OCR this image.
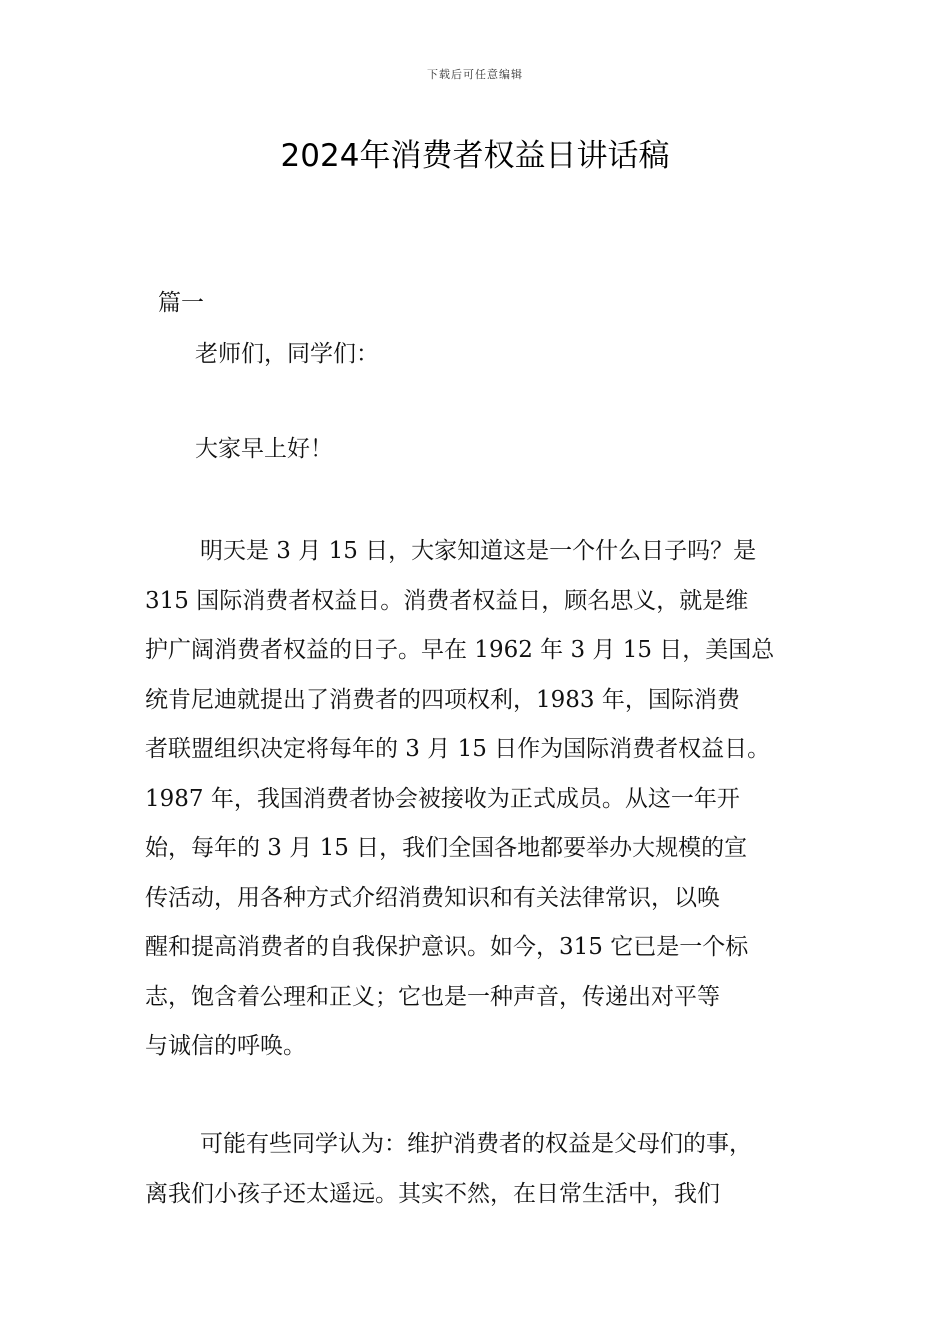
下载后可任意编辑
2024年消费者权益日讲话稿
篇一
老师们，同学们：
大家早上好！
明天是 3 月 15 日，大家知道这是一个什么日子吗？是
315 国际消费者权益日。消费者权益日，顾名思义，就是维
护广阔消费者权益的日子。早在 1962 年 3 月 15 日，美国总
统肯尼迪就提出了消费者的四项权利，1983 年，国际消费
者联盟组织决定将每年的 3 月 15 日作为国际消费者权益日。
1987 年，我国消费者协会被接收为正式成员。从这一年开
始，每年的 3 月 15 日，我们全国各地都要举办大规模的宣
传活动，用各种方式介绍消费知识和有关法律常识，以唤
醒和提高消费者的自我保护意识。如今，315 它已是一个标
志，饱含着公理和正义；它也是一种声音，传递出对平等
与诚信的呼唤。
可能有些同学认为：维护消费者的权益是父母们的事，
离我们小孩子还太遥远。其实不然，在日常生活中，我们
